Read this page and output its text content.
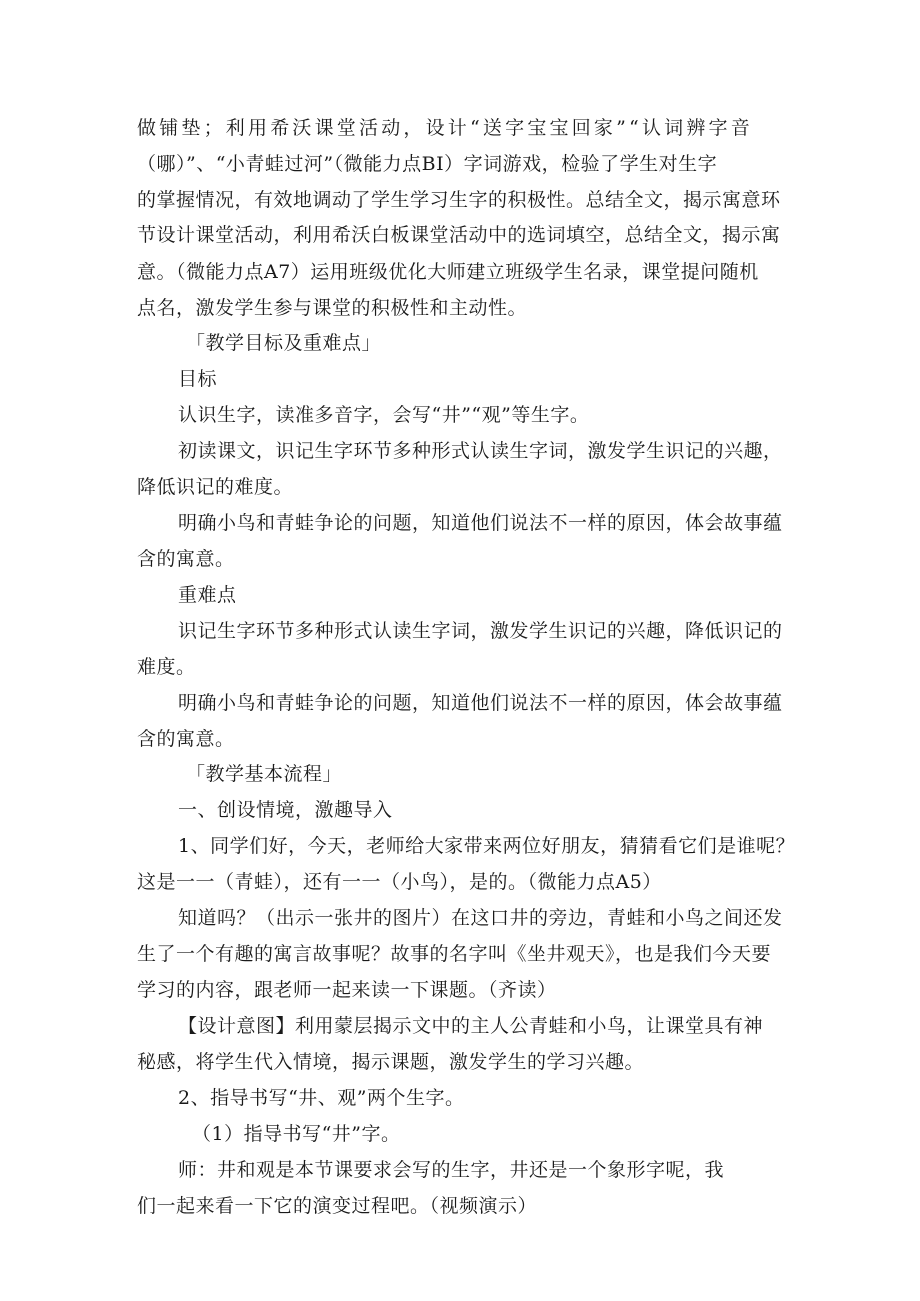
做铺垫；利用希沃课堂活动，设计“送字宝宝回家”“认词辨字音
（哪）”、“小青蛙过河”（微能力点BI）字词游戏，检验了学生对生字
的掌握情况，有效地调动了学生学习生字的积极性。总结全文，揭示寓意环
节设计课堂活动，利用希沃白板课堂活动中的选词填空，总结全文，揭示寓
意。（微能力点A7）运用班级优化大师建立班级学生名录，课堂提问随机
点名，激发学生参与课堂的积极性和主动性。
「教学目标及重难点」
目标
认识生字，读准多音字，会写“井”“观”等生字。
初读课文，识记生字环节多种形式认读生字词，激发学生识记的兴趣，
降低识记的难度。
明确小鸟和青蛙争论的问题，知道他们说法不一样的原因，体会故事蕴
含的寓意。
重难点
识记生字环节多种形式认读生字词，激发学生识记的兴趣，降低识记的
难度。
明确小鸟和青蛙争论的问题，知道他们说法不一样的原因，体会故事蕴
含的寓意。
「教学基本流程」
一、创设情境，激趣导入
1、同学们好，今天，老师给大家带来两位好朋友，猜猜看它们是谁呢？
这是一一（青蛙），还有一一（小鸟），是的。（微能力点A5）
知道吗？（出示一张井的图片）在这口井的旁边，青蛙和小鸟之间还发
生了一个有趣的寓言故事呢？故事的名字叫《坐井观天》，也是我们今天要
学习的内容，跟老师一起来读一下课题。（齐读）
【设计意图】利用蒙层揭示文中的主人公青蛙和小鸟，让课堂具有神
秘感，将学生代入情境，揭示课题，激发学生的学习兴趣。
2、指导书写“井、观”两个生字。
（1）指导书写“井”字。
师：井和观是本节课要求会写的生字，井还是一个象形字呢，我
们一起来看一下它的演变过程吧。（视频演示）
